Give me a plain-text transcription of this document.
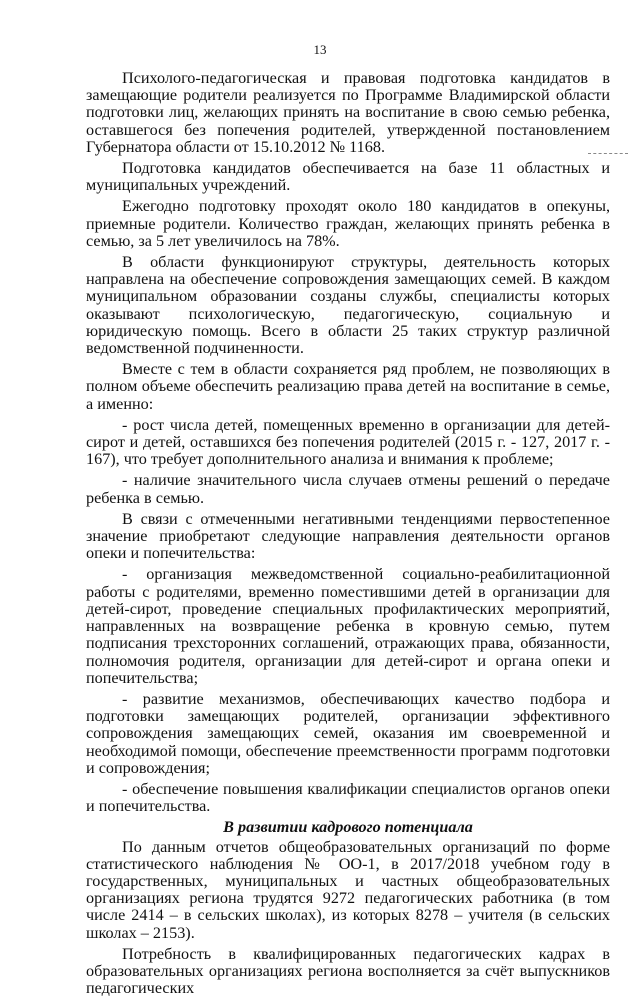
13

Психолого-педагогическая и правовая подготовка кандидатов в замещающие родители реализуется по Программе Владимирской области подготовки лиц, желающих принять на воспитание в свою семью ребенка, оставшегося без попечения родителей, утвержденной постановлением Губернатора области от 15.10.2012 № 1168.

Подготовка кандидатов обеспечивается на базе 11 областных и муниципальных учреждений.

Ежегодно подготовку проходят около 180 кандидатов в опекуны, приемные родители. Количество граждан, желающих принять ребенка в семью, за 5 лет увеличилось на 78%.

В области функционируют структуры, деятельность которых направлена на обеспечение сопровождения замещающих семей. В каждом муниципальном образовании созданы службы, специалисты которых оказывают психологическую, педагогическую, социальную и юридическую помощь. Всего в области 25 таких структур различной ведомственной подчиненности.

Вместе с тем в области сохраняется ряд проблем, не позволяющих в полном объеме обеспечить реализацию права детей на воспитание в семье, а именно:

- рост числа детей, помещенных временно в организации для детей-сирот и детей, оставшихся без попечения родителей (2015 г. - 127, 2017 г. - 167), что требует дополнительного анализа и внимания к проблеме;

- наличие значительного числа случаев отмены решений о передаче ребенка в семью.

В связи с отмеченными негативными тенденциями первостепенное значение приобретают следующие направления деятельности органов опеки и попечительства:

- организация межведомственной социально-реабилитационной работы с родителями, временно поместившими детей в организации для детей-сирот, проведение специальных профилактических мероприятий, направленных на возвращение ребенка в кровную семью, путем подписания трехсторонних соглашений, отражающих права, обязанности, полномочия родителя, организации для детей-сирот и органа опеки и попечительства;

- развитие механизмов, обеспечивающих качество подбора и подготовки замещающих родителей, организации эффективного сопровождения замещающих семей, оказания им своевременной и необходимой помощи, обеспечение преемственности программ подготовки и сопровождения;

- обеспечение повышения квалификации специалистов органов опеки и попечительства.

В развитии кадрового потенциала

По данным отчетов общеобразовательных организаций по форме статистического наблюдения № ОО-1, в 2017/2018 учебном году в государственных, муниципальных и частных общеобразовательных организациях региона трудятся 9272 педагогических работника (в том числе 2414 – в сельских школах), из которых 8278 – учителя (в сельских школах – 2153).

Потребность в квалифицированных педагогических кадрах в образовательных организациях региона восполняется за счёт выпускников педагогических
